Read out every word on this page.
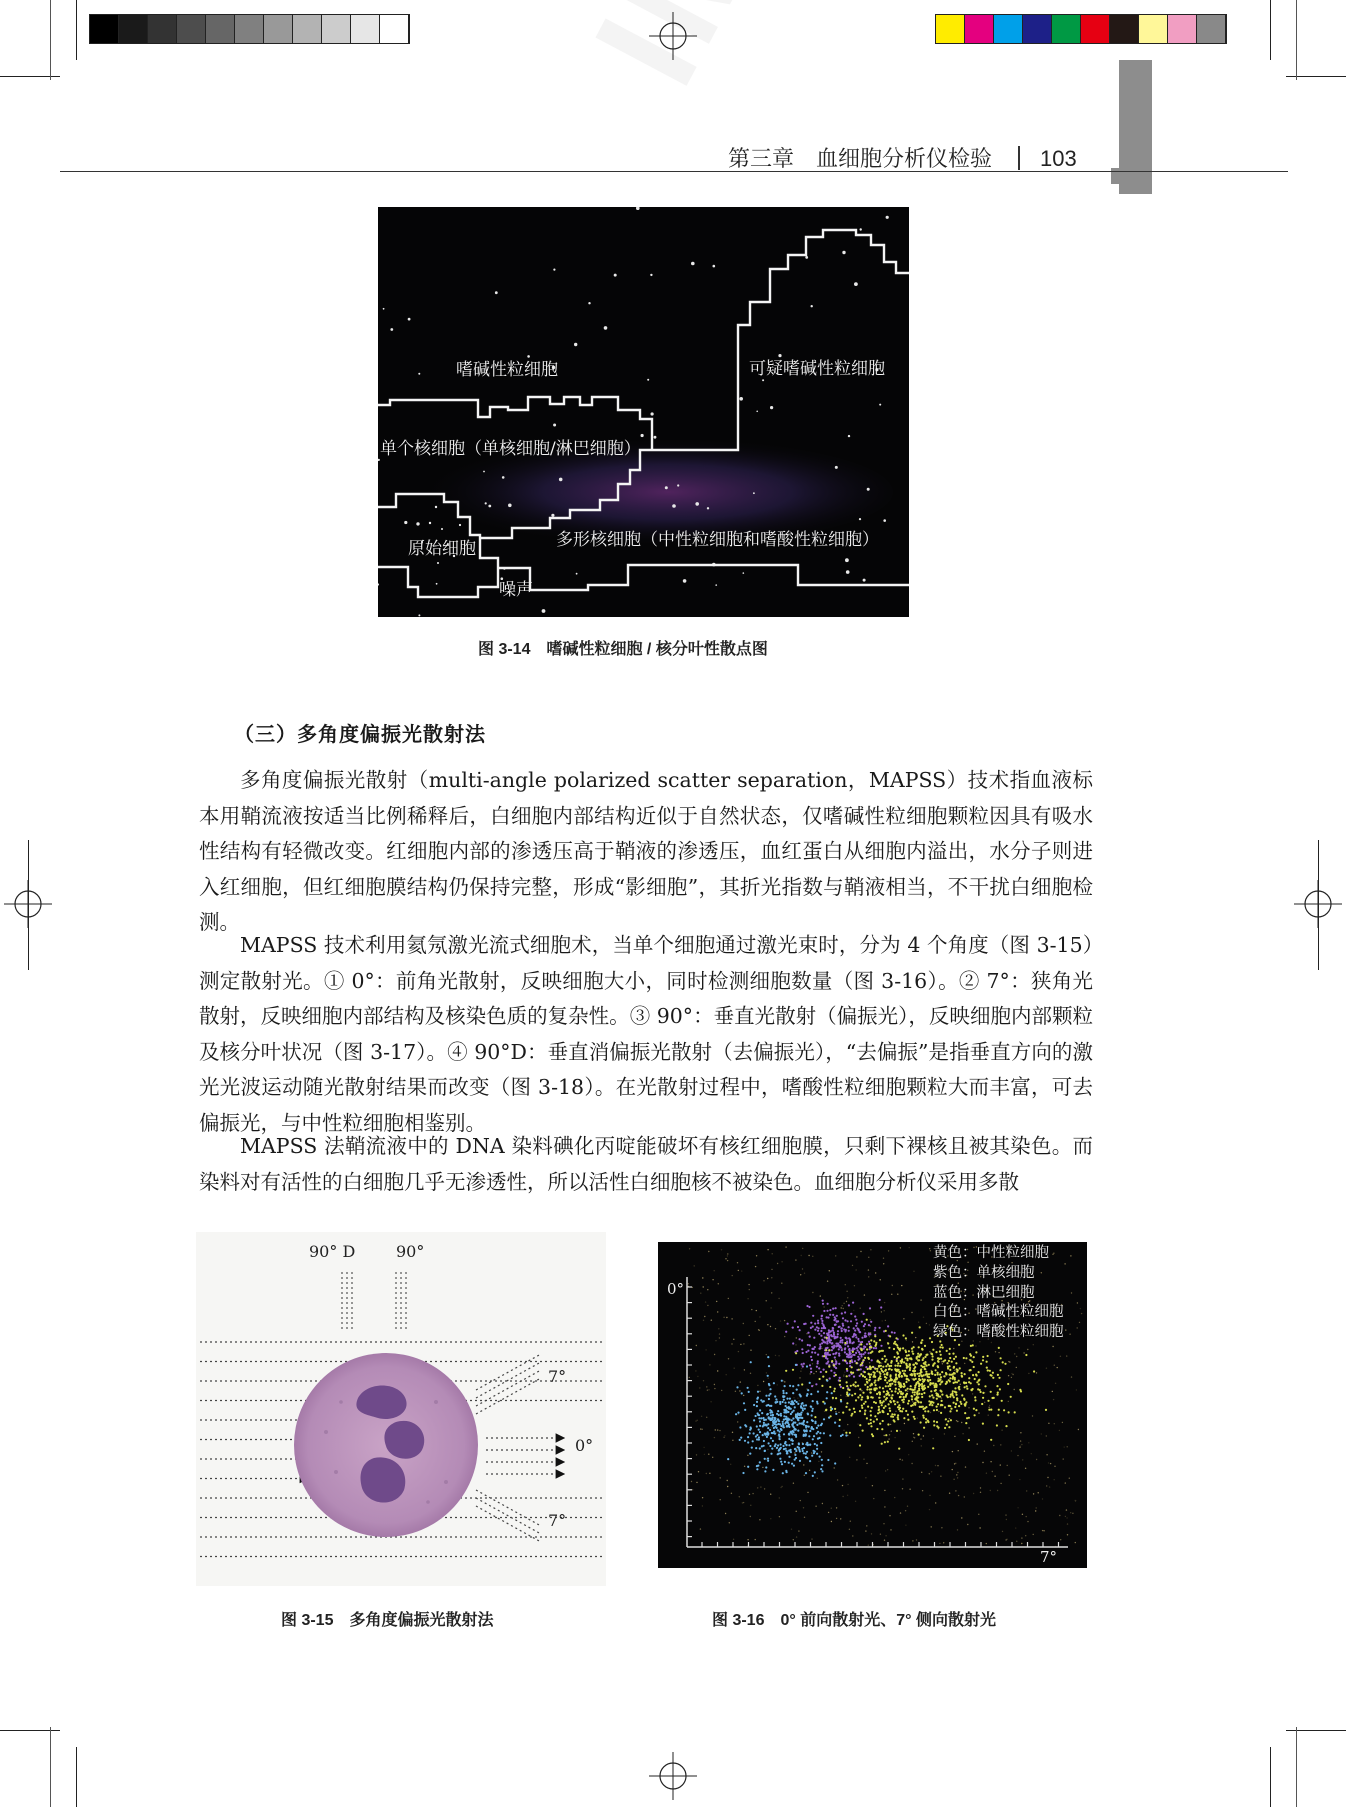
第三章　血细胞分析仪检验 103
嗜碱性粒细胞	可疑嗜碱性粒细胞
单个核细胞（单核细胞/淋巴细胞）
原始细胞	多形核细胞（中性粒细胞和嗜酸性粒细胞）
噪声
图 3-14 嗜碱性粒细胞 / 核分叶性散点图
（三）多角度偏振光散射法
多角度偏振光散射（multi-angle polarized scatter separation，MAPSS）技术指血液标本用鞘流液按适当比例稀释后，白细胞内部结构近似于自然状态，仅嗜碱性粒细胞颗粒因具有吸水性结构有轻微改变。红细胞内部的渗透压高于鞘液的渗透压，血红蛋白从细胞内溢出，水分子则进入红细胞，但红细胞膜结构仍保持完整，形成“影细胞”，其折光指数与鞘液相当，不干扰白细胞检测。
MAPSS 技术利用氦氖激光流式细胞术，当单个细胞通过激光束时，分为 4 个角度（图 3-15）测定散射光。① 0°：前角光散射，反映细胞大小，同时检测细胞数量（图 3-16）。② 7°：狭角光散射，反映细胞内部结构及核染色质的复杂性。③ 90°：垂直光散射（偏振光），反映细胞内部颗粒及核分叶状况（图 3-17）。④ 90°D：垂直消偏振光散射（去偏振光），“去偏振”是指垂直方向的激光光波运动随光散射结果而改变（图 3-18）。在光散射过程中，嗜酸性粒细胞颗粒大而丰富，可去偏振光，与中性粒细胞相鉴别。
MAPSS 法鞘流液中的 DNA 染料碘化丙啶能破坏有核红细胞膜，只剩下裸核且被其染色。而染料对有活性的白细胞几乎无渗透性，所以活性白细胞核不被染色。血细胞分析仪采用多散
90° D	90°
7°
0°
7°
图 3-15 多角度偏振光散射法
0°
7°
黄色：中性粒细胞
紫色：单核细胞
蓝色：淋巴细胞
白色：嗜碱性粒细胞
绿色：嗜酸性粒细胞
图 3-16 0° 前向散射光、7° 侧向散射光
